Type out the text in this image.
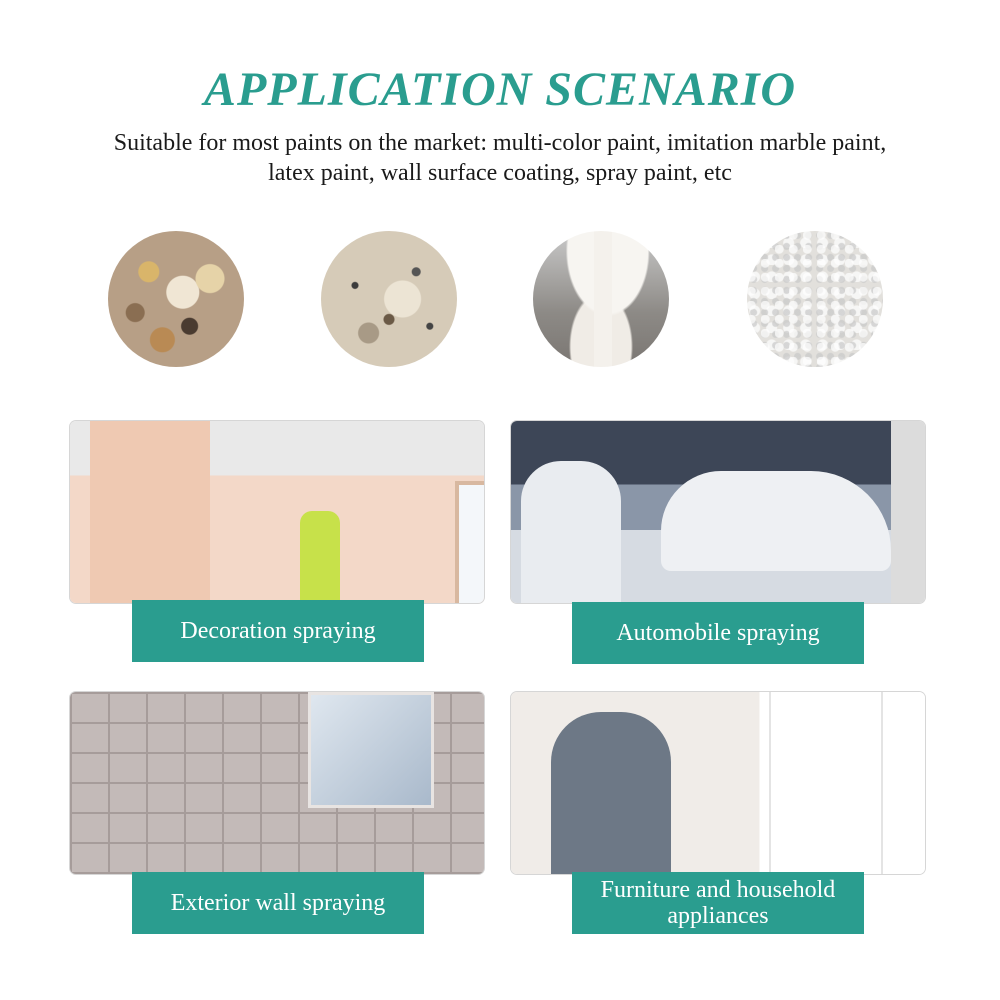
APPLICATION SCENARIO

Suitable for most paints on the market: multi-color paint, imitation marble paint,
latex paint, wall surface coating, spray paint, etc

Decoration spraying	Automobile spraying
Exterior wall spraying	Furniture and household
appliances
